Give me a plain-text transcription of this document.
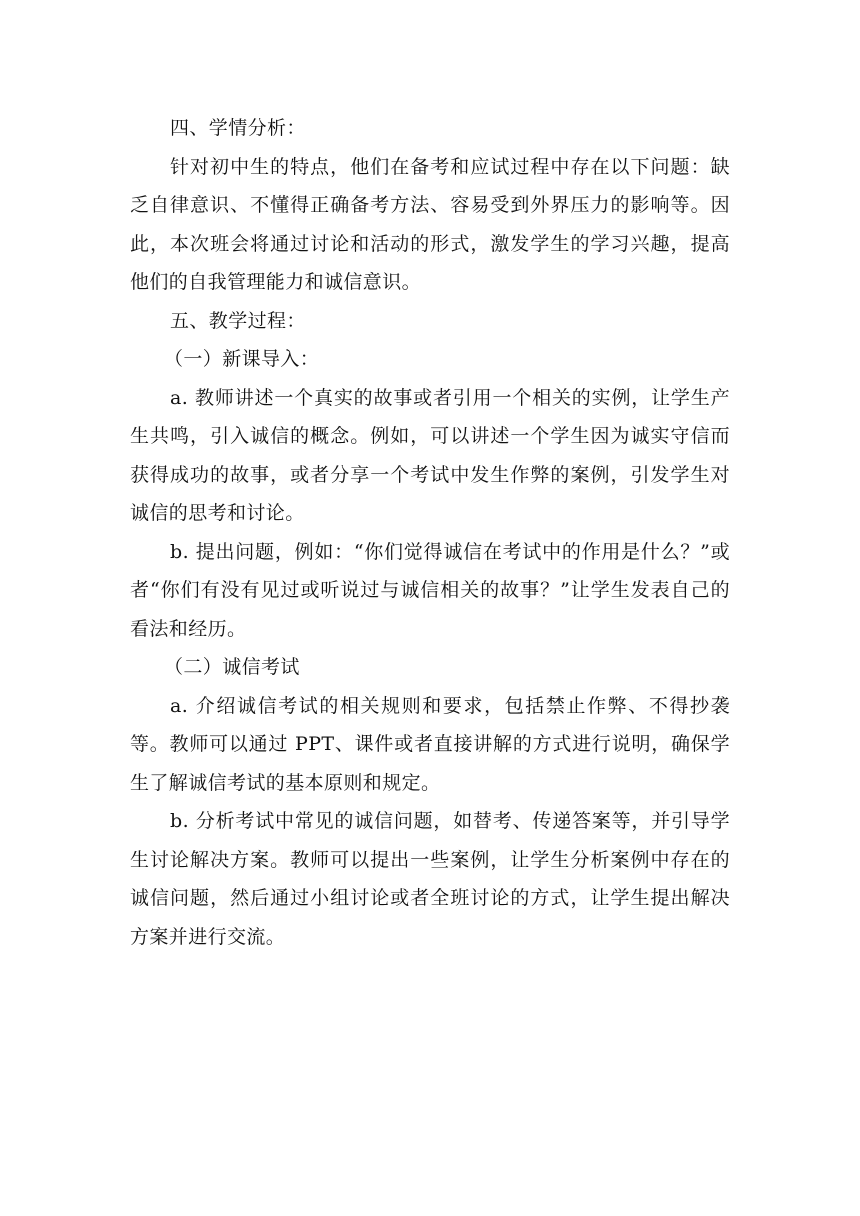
四、学情分析：

针对初中生的特点，他们在备考和应试过程中存在以下问题：缺乏自律意识、不懂得正确备考方法、容易受到外界压力的影响等。因此，本次班会将通过讨论和活动的形式，激发学生的学习兴趣，提高他们的自我管理能力和诚信意识。

五、教学过程：

（一）新课导入：

a. 教师讲述一个真实的故事或者引用一个相关的实例，让学生产生共鸣，引入诚信的概念。例如，可以讲述一个学生因为诚实守信而获得成功的故事，或者分享一个考试中发生作弊的案例，引发学生对诚信的思考和讨论。

b. 提出问题，例如：“你们觉得诚信在考试中的作用是什么？”或者“你们有没有见过或听说过与诚信相关的故事？”让学生发表自己的看法和经历。

（二）诚信考试

a. 介绍诚信考试的相关规则和要求，包括禁止作弊、不得抄袭等。教师可以通过 PPT、课件或者直接讲解的方式进行说明，确保学生了解诚信考试的基本原则和规定。

b. 分析考试中常见的诚信问题，如替考、传递答案等，并引导学生讨论解决方案。教师可以提出一些案例，让学生分析案例中存在的诚信问题，然后通过小组讨论或者全班讨论的方式，让学生提出解决方案并进行交流。
